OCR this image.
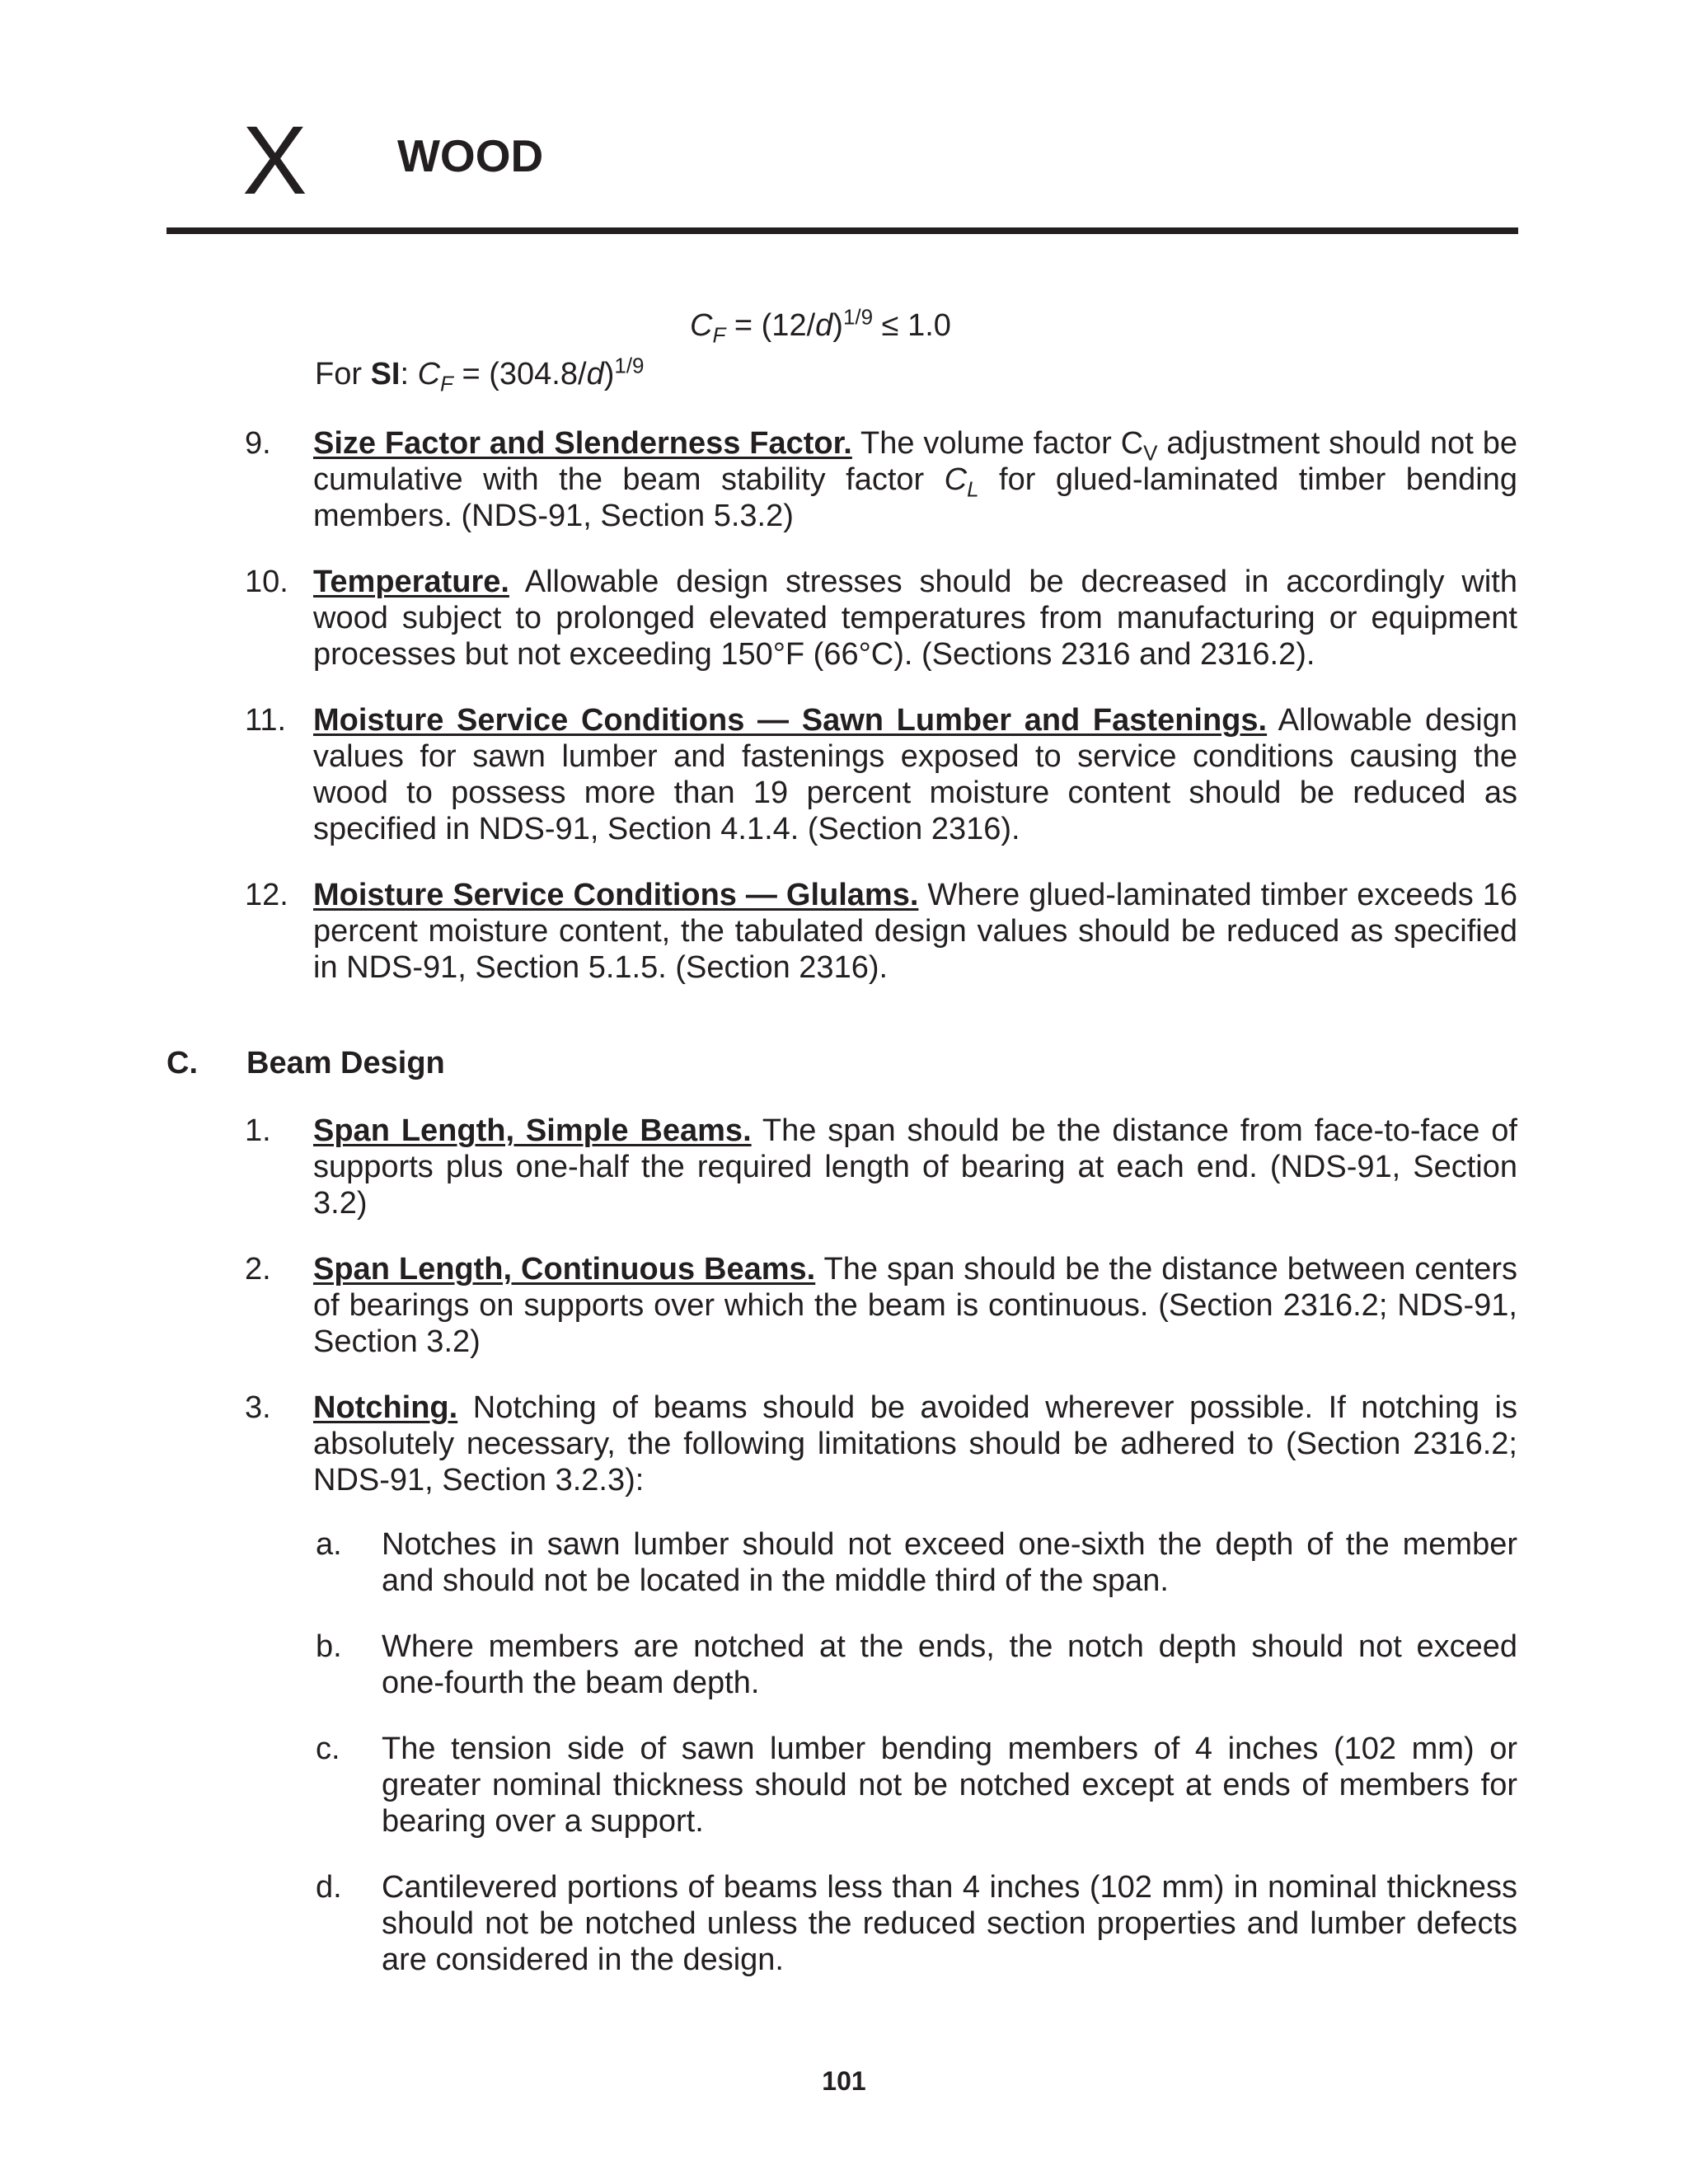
X WOOD
$C_F = (12/d)^{1/9} \le 1.0$
For SI: $C_F = (304.8/d)^{1/9}$
9. Size Factor and Slenderness Factor. The volume factor $C_V$ adjustment should not be cumulative with the beam stability factor $C_L$ for glued-laminated timber bending members. (NDS-91, Section 5.3.2)
10. Temperature. Allowable design stresses should be decreased in accordingly with wood subject to prolonged elevated temperatures from manufacturing or equipment processes but not exceeding 150°F (66°C). (Sections 2316 and 2316.2).
11. Moisture Service Conditions — Sawn Lumber and Fastenings. Allowable design values for sawn lumber and fastenings exposed to service conditions causing the wood to possess more than 19 percent moisture content should be reduced as specified in NDS-91, Section 4.1.4. (Section 2316).
12. Moisture Service Conditions — Glulams. Where glued-laminated timber exceeds 16 percent moisture content, the tabulated design values should be reduced as specified in NDS-91, Section 5.1.5. (Section 2316).
C. Beam Design
1. Span Length, Simple Beams. The span should be the distance from face-to-face of supports plus one-half the required length of bearing at each end. (NDS-91, Section 3.2)
2. Span Length, Continuous Beams. The span should be the distance between centers of bearings on supports over which the beam is continuous. (Section 2316.2; NDS-91, Section 3.2)
3. Notching. Notching of beams should be avoided wherever possible. If notching is absolutely necessary, the following limitations should be adhered to (Section 2316.2; NDS-91, Section 3.2.3):
a. Notches in sawn lumber should not exceed one-sixth the depth of the member and should not be located in the middle third of the span.
b. Where members are notched at the ends, the notch depth should not exceed one-fourth the beam depth.
c. The tension side of sawn lumber bending members of 4 inches (102 mm) or greater nominal thickness should not be notched except at ends of members for bearing over a support.
d. Cantilevered portions of beams less than 4 inches (102 mm) in nominal thickness should not be notched unless the reduced section properties and lumber defects are considered in the design.
101
